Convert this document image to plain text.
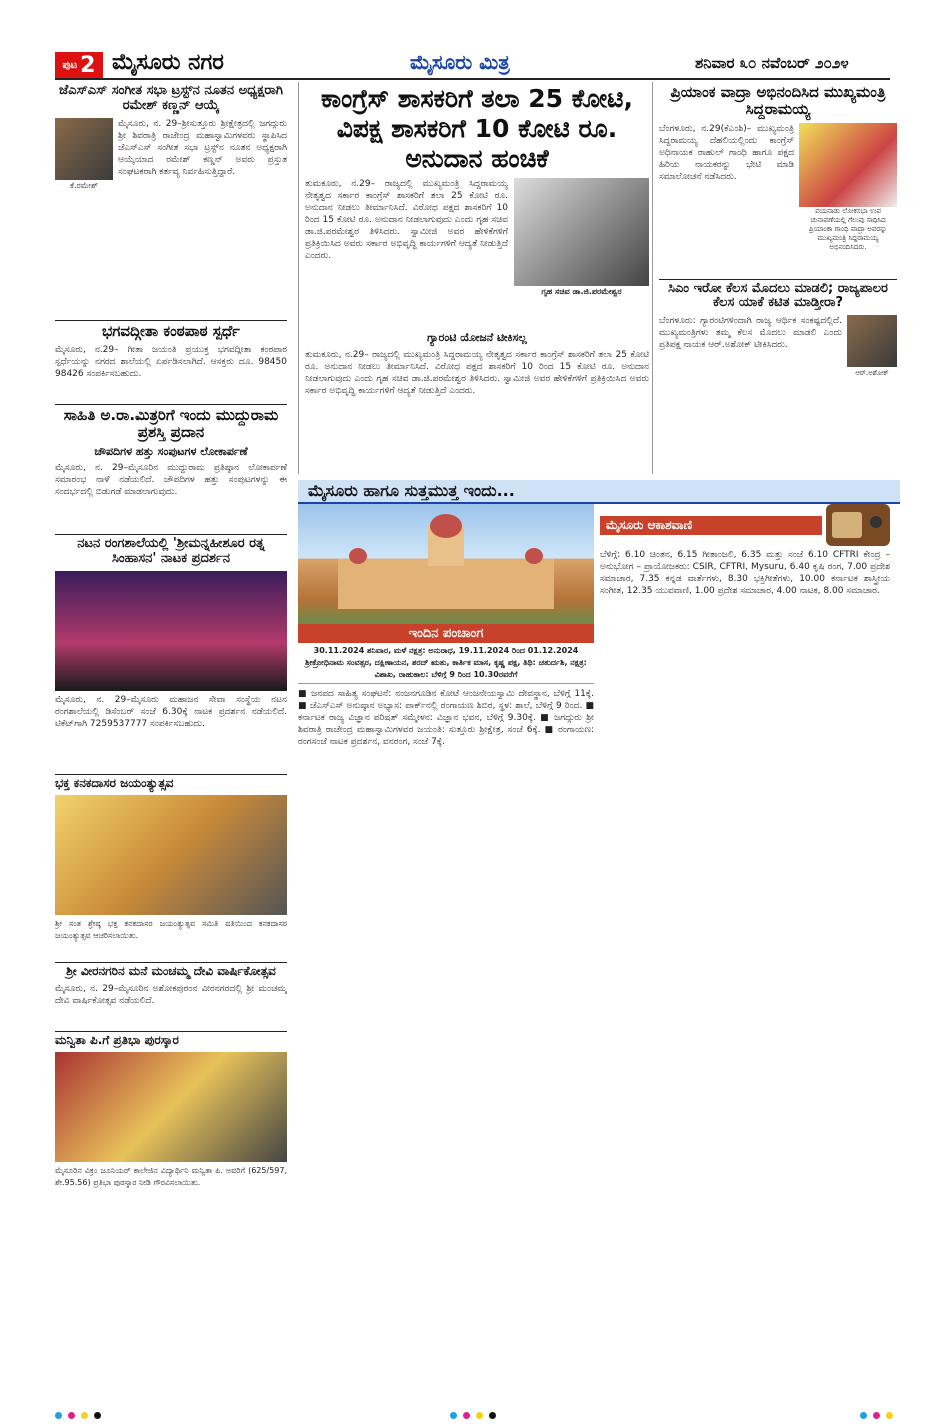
ಪುಟ 2 ಮೈಸೂರು ನಗರ	ಮೈಸೂರು ಮಿತ್ರ	ಶನಿವಾರ ೩೦ ನವೆಂಬರ್ ೨೦೨೪
ಜೆಎಸ್‌ಎಸ್ ಸಂಗೀತ ಸಭಾ ಟ್ರಸ್ಟ್‌ನ ನೂತನ ಅಧ್ಯಕ್ಷರಾಗಿ ರಮೇಶ್ ಕಣ್ಣನ್ ಆಯ್ಕೆ
ಕೆ.ರಮೇಶ್
ಮೈಸೂರು, ನ. 29–ಶ್ರೀಸುತ್ತೂರು ಶ್ರೀಕ್ಷೇತ್ರದಲ್ಲಿ ಜಗದ್ಗುರು ಶ್ರೀ ಶಿವರಾತ್ರಿ ರಾಜೇಂದ್ರ ಮಹಾಸ್ವಾಮಿಗಳವರು ಸ್ಥಾಪಿಸಿದ ಜೆಎಸ್‌ಎಸ್ ಸಂಗೀತ ಸಭಾ ಟ್ರಸ್ಟ್‌ನ ನೂತನ ಅಧ್ಯಕ್ಷರಾಗಿ ಆಯ್ಕೆಯಾದ ರಮೇಶ್ ಕಣ್ಣನ್ ಅವರು ಪ್ರಸ್ತುತ ಸಂಘಟಕರಾಗಿ ಕರ್ತವ್ಯ ನಿರ್ವಹಿಸುತ್ತಿದ್ದಾರೆ.
ಭಗವದ್ಗೀತಾ ಕಂಠಪಾಠ ಸ್ಪರ್ಧೆ
ಮೈಸೂರು, ನ.29– ಗೀತಾ ಜಯಂತಿ ಪ್ರಯುಕ್ತ ಭಗವದ್ಗೀತಾ ಕಂಠಪಾಠ ಸ್ಪರ್ಧೆಯನ್ನು ನಗರದ ಶಾಲೆಯಲ್ಲಿ ಏರ್ಪಡಿಸಲಾಗಿದೆ. ಆಸಕ್ತರು ದೂ. 98450 98426 ಸಂಪರ್ಕಿಸಬಹುದು.
ಸಾಹಿತಿ ಅ.ರಾ.ಮಿತ್ರರಿಗೆ ಇಂದು ಮುದ್ದುರಾಮ ಪ್ರಶಸ್ತಿ ಪ್ರದಾನ
ಚೌಪದಿಗಳ ಹತ್ತು ಸಂಪುಟಗಳ ಲೋಕಾರ್ಪಣೆ
ಮೈಸೂರು, ನ. 29–ಮೈಸೂರಿನ ಮುದ್ದುರಾಮ ಪ್ರತಿಷ್ಠಾನ ಲೋಕಾರ್ಪಣೆ ಸಮಾರಂಭ ನಾಳೆ ನಡೆಯಲಿದೆ. ಚೌಪದಿಗಳ ಹತ್ತು ಸಂಪುಟಗಳನ್ನು ಈ ಸಂದರ್ಭದಲ್ಲಿ ಬಿಡುಗಡೆ ಮಾಡಲಾಗುವುದು.
ನಟನ ರಂಗಶಾಲೆಯಲ್ಲಿ 'ಶ್ರೀಮನ್ನಹೀಶೂರ ರತ್ನ ಸಿಂಹಾಸನ' ನಾಟಕ ಪ್ರದರ್ಶನ
ಮೈಸೂರು, ನ. 29–ಮೈಸೂರು ಮಹಾಜನ ಸೇವಾ ಸಂಸ್ಥೆಯ ನಟನ ರಂಗಶಾಲೆಯಲ್ಲಿ ಡಿಸೆಂಬರ್ ಸಂಜೆ 6.30ಕ್ಕೆ ನಾಟಕ ಪ್ರದರ್ಶನ ನಡೆಯಲಿದೆ. ಟಿಕೆಟ್‌ಗಾಗಿ 7259537777 ಸಂಪರ್ಕಿಸಬಹುದು.
ಭಕ್ತ ಕನಕದಾಸರ ಜಯಂತ್ಯುತ್ಸವ
ಶ್ರೀ ಸಂತ ಶ್ರೇಷ್ಠ ಭಕ್ತ ಕನಕದಾಸರ ಜಯಂತ್ಯುತ್ಸವ ಸಮಿತಿ ವತಿಯಿಂದ ಕನಕದಾಸರ ಜಯಂತ್ಯುತ್ಸವ ಆಚರಿಸಲಾಯಿತು.
ಶ್ರೀ ವೀರನಗರಿನ ಮನೆ ಮಂಚಮ್ಮ ದೇವಿ ವಾರ್ಷಿಕೋತ್ಸವ
ಮೈಸೂರು, ನ. 29–ಮೈಸೂರಿನ ಅಶೋಕಪುರಂನ ವೀರನಗರದಲ್ಲಿ ಶ್ರೀ ಮಂಚಮ್ಮ ದೇವಿ ವಾರ್ಷಿಕೋತ್ಸವ ನಡೆಯಲಿದೆ.
ಮನ್ವಿತಾ ಪಿ.ಗೆ ಪ್ರತಿಭಾ ಪುರಸ್ಕಾರ
ಮೈಸೂರಿನ ವಿಕ್ರಂ ಜೂನಿಯರ್ ಕಾಲೇಜಿನ ವಿದ್ಯಾರ್ಥಿನಿ ಮನ್ವಿತಾ ಪಿ. ಅವರಿಗೆ (625/597, ಶೇ.95.56) ಪ್ರತಿಭಾ ಪುರಸ್ಕಾರ ನೀಡಿ ಗೌರವಿಸಲಾಯಿತು.
ಕಾಂಗ್ರೆಸ್ ಶಾಸಕರಿಗೆ ತಲಾ 25 ಕೋಟಿ, ವಿಪಕ್ಷ ಶಾಸಕರಿಗೆ 10 ಕೋಟಿ ರೂ. ಅನುದಾನ ಹಂಚಿಕೆ
ತುಮಕೂರು, ನ.29– ರಾಜ್ಯದಲ್ಲಿ ಮುಖ್ಯಮಂತ್ರಿ ಸಿದ್ದರಾಮಯ್ಯ ನೇತೃತ್ವದ ಸರ್ಕಾರ ಕಾಂಗ್ರೆಸ್ ಶಾಸಕರಿಗೆ ತಲಾ 25 ಕೋಟಿ ರೂ. ಅನುದಾನ ನೀಡಲು ತೀರ್ಮಾನಿಸಿದೆ. ವಿರೋಧ ಪಕ್ಷದ ಶಾಸಕರಿಗೆ 10 ರಿಂದ 15 ಕೋಟಿ ರೂ. ಅನುದಾನ ನೀಡಲಾಗುವುದು ಎಂದು ಗೃಹ ಸಚಿವ ಡಾ.ಜಿ.ಪರಮೇಶ್ವರ ತಿಳಿಸಿದರು. ಸ್ವಾಮೀಜಿ ಅವರ ಹೇಳಿಕೆಗಳಿಗೆ ಪ್ರತಿಕ್ರಿಯಿಸಿದ ಅವರು ಸರ್ಕಾರ ಅಭಿವೃದ್ಧಿ ಕಾರ್ಯಗಳಿಗೆ ಆದ್ಯತೆ ನೀಡುತ್ತಿದೆ ಎಂದರು.
ಗೃಹ ಸಚಿವ ಡಾ.ಜಿ.ಪರಮೇಶ್ವರ
ಗ್ಯಾರಂಟಿ ಯೋಜನೆ ಟೀಕಿಸಲ್ಲ
ತುಮಕೂರು, ನ.29– ರಾಜ್ಯದಲ್ಲಿ ಮುಖ್ಯಮಂತ್ರಿ ಸಿದ್ದರಾಮಯ್ಯ ನೇತೃತ್ವದ ಸರ್ಕಾರ ಕಾಂಗ್ರೆಸ್ ಶಾಸಕರಿಗೆ ತಲಾ 25 ಕೋಟಿ ರೂ. ಅನುದಾನ ನೀಡಲು ತೀರ್ಮಾನಿಸಿದೆ. ವಿರೋಧ ಪಕ್ಷದ ಶಾಸಕರಿಗೆ 10 ರಿಂದ 15 ಕೋಟಿ ರೂ. ಅನುದಾನ ನೀಡಲಾಗುವುದು ಎಂದು ಗೃಹ ಸಚಿವ ಡಾ.ಜಿ.ಪರಮೇಶ್ವರ ತಿಳಿಸಿದರು. ಸ್ವಾಮೀಜಿ ಅವರ ಹೇಳಿಕೆಗಳಿಗೆ ಪ್ರತಿಕ್ರಿಯಿಸಿದ ಅವರು ಸರ್ಕಾರ ಅಭಿವೃದ್ಧಿ ಕಾರ್ಯಗಳಿಗೆ ಆದ್ಯತೆ ನೀಡುತ್ತಿದೆ ಎಂದರು.
ಪ್ರಿಯಾಂಕ ವಾದ್ರಾ ಅಭಿನಂದಿಸಿದ ಮುಖ್ಯಮಂತ್ರಿ ಸಿದ್ದರಾಮಯ್ಯ
ಬೆಂಗಳೂರು, ನ.29(ಕೆಎಂಶಿ)– ಮುಖ್ಯಮಂತ್ರಿ ಸಿದ್ದರಾಮಯ್ಯ ದೆಹಲಿಯಲ್ಲಿಂದು ಕಾಂಗ್ರೆಸ್ ಅಧಿನಾಯಕ ರಾಹುಲ್ ಗಾಂಧಿ ಹಾಗೂ ಪಕ್ಷದ ಹಿರಿಯ ನಾಯಕರನ್ನು ಭೇಟಿ ಮಾಡಿ ಸಮಾಲೋಚನೆ ನಡೆಸಿದರು.
ವಯನಾಡು ಲೋಕಸಭಾ ಉಪ ಚುನಾವಣೆಯಲ್ಲಿ ಗೆಲುವು ಸಾಧಿಸಿದ ಪ್ರಿಯಾಂಕಾ ಗಾಂಧಿ ವಾದ್ರಾ ಅವರನ್ನು ಮುಖ್ಯಮಂತ್ರಿ ಸಿದ್ದರಾಮಯ್ಯ ಅಭಿನಂದಿಸಿದರು.
ಸಿಎಂ ಇರೋ ಕೆಲಸ ಮೊದಲು ಮಾಡಲಿ; ರಾಜ್ಯಪಾಲರ ಕೆಲಸ ಯಾಕೆ ಕಟಿತ ಮಾಡ್ತೀರಾ?
ಬೆಂಗಳೂರು: ಗ್ಯಾರಂಟಿಗಳಿಂದಾಗಿ ರಾಜ್ಯ ಆರ್ಥಿಕ ಸಂಕಷ್ಟದಲ್ಲಿದೆ. ಮುಖ್ಯಮಂತ್ರಿಗಳು ತಮ್ಮ ಕೆಲಸ ಮೊದಲು ಮಾಡಲಿ ಎಂದು ಪ್ರತಿಪಕ್ಷ ನಾಯಕ ಆರ್.ಅಶೋಕ್ ಟೀಕಿಸಿದರು.
ಆರ್.ಅಶೋಕ್
ಮೈಸೂರು ಹಾಗೂ ಸುತ್ತಮುತ್ತ ಇಂದು...
ಇಂದಿನ ಪಂಚಾಂಗ
30.11.2024 ಶನಿವಾರ, ಮಳೆ ನಕ್ಷತ್ರ: ಅನುರಾಧ, 19.11.2024 ರಿಂದ 01.12.2024 ಶ್ರೀಕ್ರೋಧಿನಾಮ ಸಂವತ್ಸರ, ದಕ್ಷಿಣಾಯನ, ಶರದ್ ಋತು, ಕಾರ್ತಿಕ ಮಾಸ, ಕೃಷ್ಣ ಪಕ್ಷ, ತಿಥಿ: ಚತುರ್ದಶಿ, ನಕ್ಷತ್ರ: ವಿಶಾಖ, ರಾಹುಕಾಲ: ಬೆಳಿಗ್ಗೆ 9 ರಿಂದ 10.30ರವರೆಗೆ
■ ಜನಪದ ಸಾಹಿತ್ಯ ಸಂಘಟನೆ: ನಂಜನಗೂಡಿನ ಕೋಟೆ ಆಂಜನೇಯಸ್ವಾಮಿ ದೇವಸ್ಥಾನ, ಬೆಳಿಗ್ಗೆ 11ಕ್ಕೆ. ■ ಜೆಎಸ್‌ಎಸ್ ಅನುಷ್ಠಾನ ಅಭ್ಯಾಸ: ಪಾರ್ಕ್‌ನಲ್ಲಿ ರಂಗಾಯಣ ಶಿಬಿರ, ಸ್ಥಳ: ಶಾಲೆ, ಬೆಳಿಗ್ಗೆ 9 ರಿಂದ. ■ ಕರ್ನಾಟಕ ರಾಜ್ಯ ವಿಜ್ಞಾನ ಪರಿಷತ್ ಸಮ್ಮೇಳನ: ವಿಜ್ಞಾನ ಭವನ, ಬೆಳಿಗ್ಗೆ 9.30ಕ್ಕೆ. ■ ಜಗದ್ಗುರು ಶ್ರೀ ಶಿವರಾತ್ರಿ ರಾಜೇಂದ್ರ ಮಹಾಸ್ವಾಮಿಗಳವರ ಜಯಂತಿ: ಸುತ್ತೂರು ಶ್ರೀಕ್ಷೇತ್ರ, ಸಂಜೆ 6ಕ್ಕೆ. ■ ರಂಗಾಯಣ: ರಂಗಸಂಜೆ ನಾಟಕ ಪ್ರದರ್ಶನ, ವನರಂಗ, ಸಂಜೆ 7ಕ್ಕೆ.
ಮೈಸೂರು ಆಕಾಶವಾಣಿ
ಬೆಳಿಗ್ಗೆ: 6.10 ಚಿಂತನ, 6.15 ಗೀತಾಂಜಲಿ, 6.35 ಮತ್ತು ಸಂಜೆ 6.10 CFTRI ಕೇಂದ್ರ – ಅನುಭೋಗ – ಪ್ರಾಯೋಜಕರು: CSIR, CFTRI, Mysuru, 6.40 ಕೃಷಿ ರಂಗ, 7.00 ಪ್ರದೇಶ ಸಮಾಚಾರ, 7.35 ಕನ್ನಡ ವಾರ್ತೆಗಳು, 8.30 ಭಕ್ತಿಗೀತೆಗಳು, 10.00 ಕರ್ನಾಟಕ ಶಾಸ್ತ್ರೀಯ ಸಂಗೀತ, 12.35 ಯುವವಾಣಿ, 1.00 ಪ್ರದೇಶ ಸಮಾಚಾರ, 4.00 ನಾಟಕ, 8.00 ಸಮಾಚಾರ.
